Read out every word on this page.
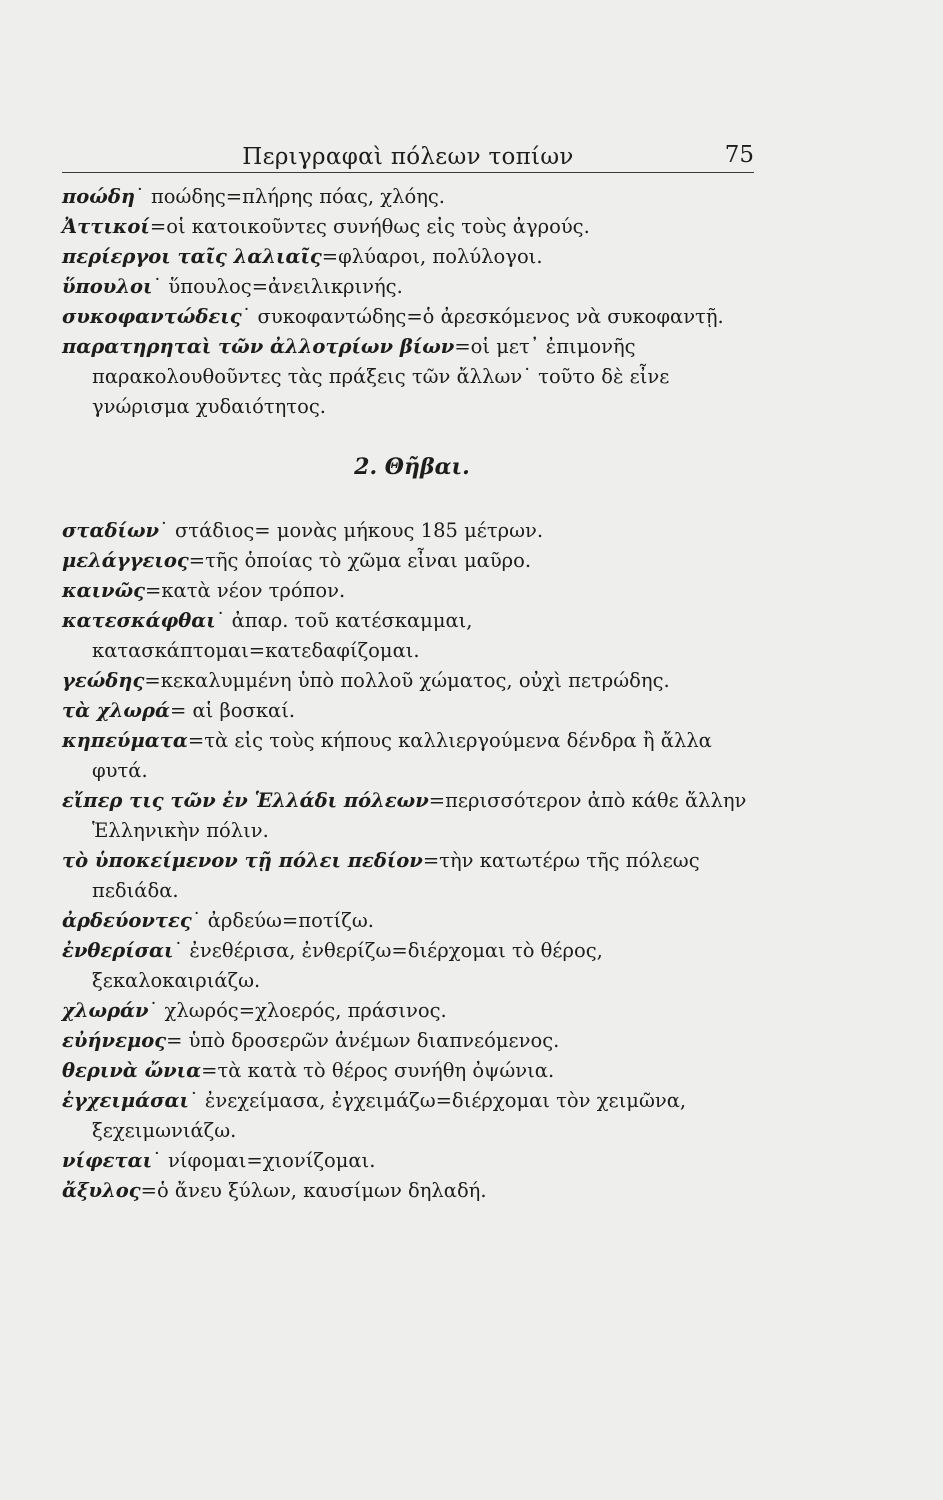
Περιγραφαὶ πόλεων τοπίων	75

ποώδη˙ ποώδης=πλήρης πόας, χλόης.

Ἀττικοί=οἱ κατοικοῦντες συνήθως εἰς τοὺς ἀγρούς.

περίεργοι ταῖς λαλιαῖς=φλύαροι, πολύλογοι.

ὕπουλοι˙ ὕπουλος=ἀνειλικρινής.

συκοφαντώδεις˙ συκοφαντώδης=ὁ ἀρεσκόμενος νὰ συκοφαντῇ.

παρατηρηταὶ τῶν ἀλλοτρίων βίων=οἱ μετ᾽ ἐπιμονῆς παρακολουθοῦντες τὰς πράξεις τῶν ἄλλων˙ τοῦτο δὲ εἶνε γνώρισμα χυδαιότητος.

2. Θῆβαι.

σταδίων˙ στάδιος= μονὰς μήκους 185 μέτρων.

μελάγγειος=τῆς ὁποίας τὸ χῶμα εἶναι μαῦρο.

καινῶς=κατὰ νέον τρόπον.

κατεσκάφθαι˙ ἀπαρ. τοῦ κατέσκαμμαι, κατασκάπτομαι=κατεδαφίζομαι.

γεώδης=κεκαλυμμένη ὑπὸ πολλοῦ χώματος, οὐχὶ πετρώδης.

τὰ χλωρά= αἱ βοσκαί.

κηπεύματα=τὰ εἰς τοὺς κήπους καλλιεργούμενα δένδρα ἢ ἄλλα φυτά.

εἴπερ τις τῶν ἐν Ἑλλάδι πόλεων=περισσότερον ἀπὸ κάθε ἄλλην Ἑλληνικὴν πόλιν.

τὸ ὑποκείμενον τῇ πόλει πεδίον=τὴν κατωτέρω τῆς πόλεως πεδιάδα.

ἀρδεύοντες˙ ἀρδεύω=ποτίζω.

ἐνθερίσαι˙ ἐνεθέρισα, ἐνθερίζω=διέρχομαι τὸ θέρος, ξεκαλοκαιριάζω.

χλωράν˙ χλωρός=χλοερός, πράσινος.

εὐήνεμος= ὑπὸ δροσερῶν ἀνέμων διαπνεόμενος.

θερινὰ ὤνια=τὰ κατὰ τὸ θέρος συνήθη ὀψώνια.

ἐγχειμάσαι˙ ἐνεχείμασα, ἐγχειμάζω=διέρχομαι τὸν χειμῶνα, ξεχειμωνιάζω.

νίφεται˙ νίφομαι=χιονίζομαι.

ἄξυλος=ὁ ἄνευ ξύλων, καυσίμων δηλαδή.
